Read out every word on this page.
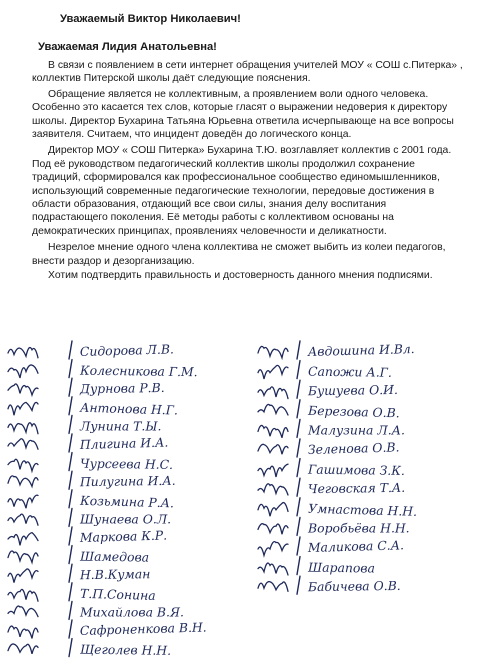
Уважаемый Виктор Николаевич!
Уважаемая Лидия Анатольевна!

В связи с появлением в сети интернет обращения учителей МОУ « СОШ с.Питерка» , коллектив Питерской школы даёт следующие пояснения.

Обращение является не коллективным, а проявлением воли одного человека. Особенно это касается тех слов, которые гласят о выражении недоверия к директору школы. Директор Бухарина Татьяна Юрьевна ответила исчерпывающе на все вопросы заявителя. Считаем, что инцидент доведён до логического конца.

Директор МОУ « СОШ Питерка» Бухарина Т.Ю. возглавляет коллектив с 2001 года. Под её руководством педагогический коллектив школы продолжил сохранение традиций, сформировался как профессиональное сообщество единомышленников, использующий современные педагогические технологии, передовые достижения в области образования, отдающий все свои силы, знания делу воспитания подрастающего поколения. Её методы работы с коллективом основаны на демократических принципах, проявлениях человечности и деликатности.

Незрелое мнение одного члена коллектива не сможет выбить из колеи педагогов, внести раздор и дезорганизацию.

Хотим подтвердить правильность и достоверность данного мнения подписями.

Сидорова Л.В.
Колесникова Г.М.
Дурнова Р.В.
Антонова Н.Г.
Лунина Т.Ы.
Плигина И.А.
Чурсеева Н.С.
Пилугина И.А.
Козьмина Р.А.
Шунаева О.Л.
Маркова К.Р.
Шамедова
Н.В.Куман
Т.П.Сонина
Михайлова В.Я.
Сафроненкова В.Н.
Щеголев Н.Н.
Авдошина И.Вл.
Сапожи А.Г.
Бушуева О.И.
Березова О.В.
Малузина Л.А.
Зеленова О.В.
Гашимова З.К.
Чеговская Т.А.
Умнастова Н.Н.
Воробьёва Н.Н.
Маликова С.А.
Шарапова
Бабичева О.В.
